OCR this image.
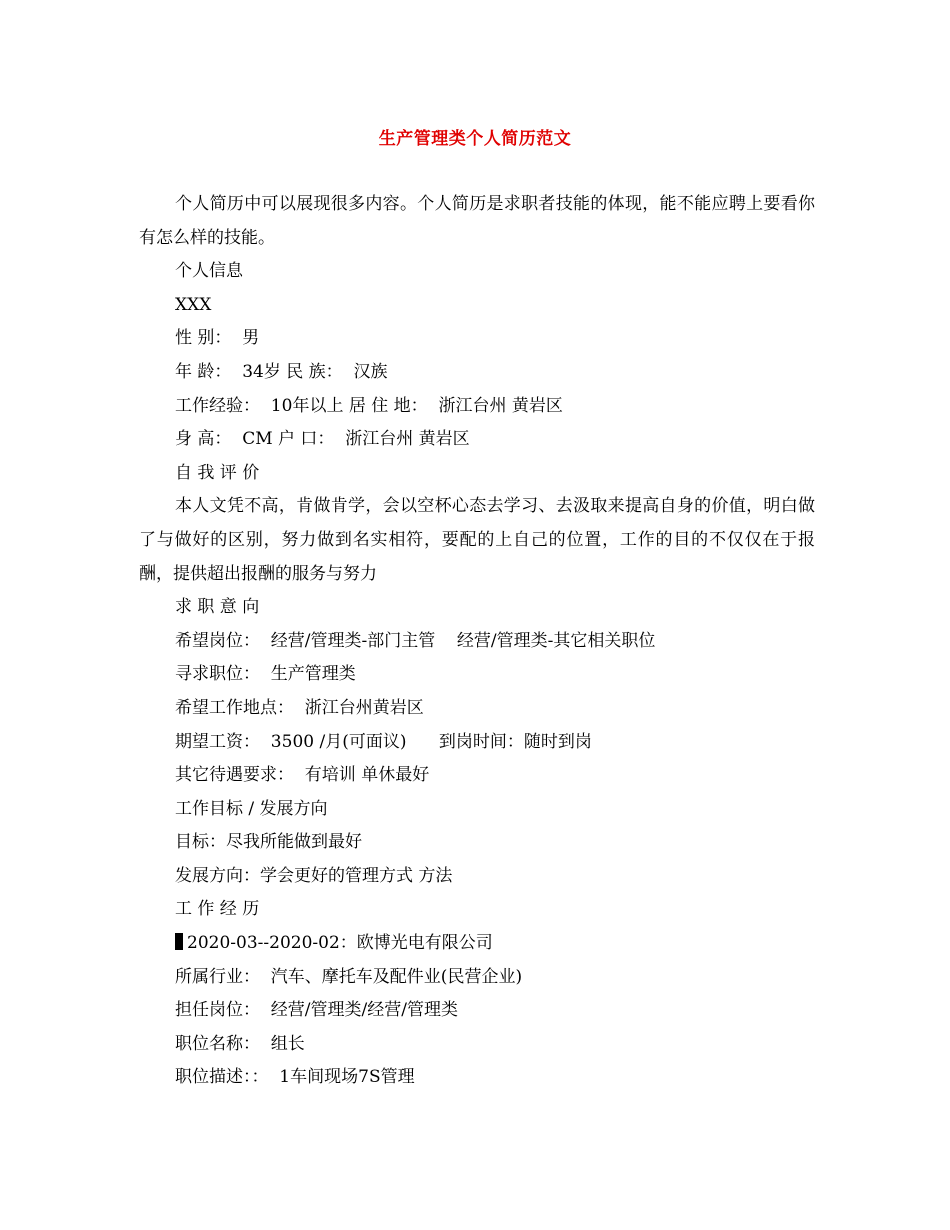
生产管理类个人简历范文

个人简历中可以展现很多内容。个人简历是求职者技能的体现，能不能应聘上要看你有怎么样的技能。

个人信息

XXX

性 别：  男

年 龄：  34岁 民 族：  汉族

工作经验：  10年以上 居 住 地：  浙江台州 黄岩区

身 高：  CM 户 口：  浙江台州 黄岩区

自 我 评 价

本人文凭不高，肯做肯学，会以空杯心态去学习、去汲取来提高自身的价值，明白做了与做好的区别，努力做到名实相符，要配的上自己的位置，工作的目的不仅仅在于报酬，提供超出报酬的服务与努力

求 职 意 向

希望岗位：  经营/管理类-部门主管    经营/管理类-其它相关职位

寻求职位：  生产管理类

希望工作地点：  浙江台州黄岩区

期望工资：  3500 /月(可面议)      到岗时间：随时到岗

其它待遇要求：  有培训 单休最好

工作目标 / 发展方向

目标：尽我所能做到最好

发展方向：学会更好的管理方式 方法

工 作 经 历

2020-03--2020-02：欧博光电有限公司

所属行业：  汽车、摩托车及配件业(民营企业)

担任岗位：  经营/管理类/经营/管理类

职位名称：  组长

职位描述：：  1车间现场7S管理
